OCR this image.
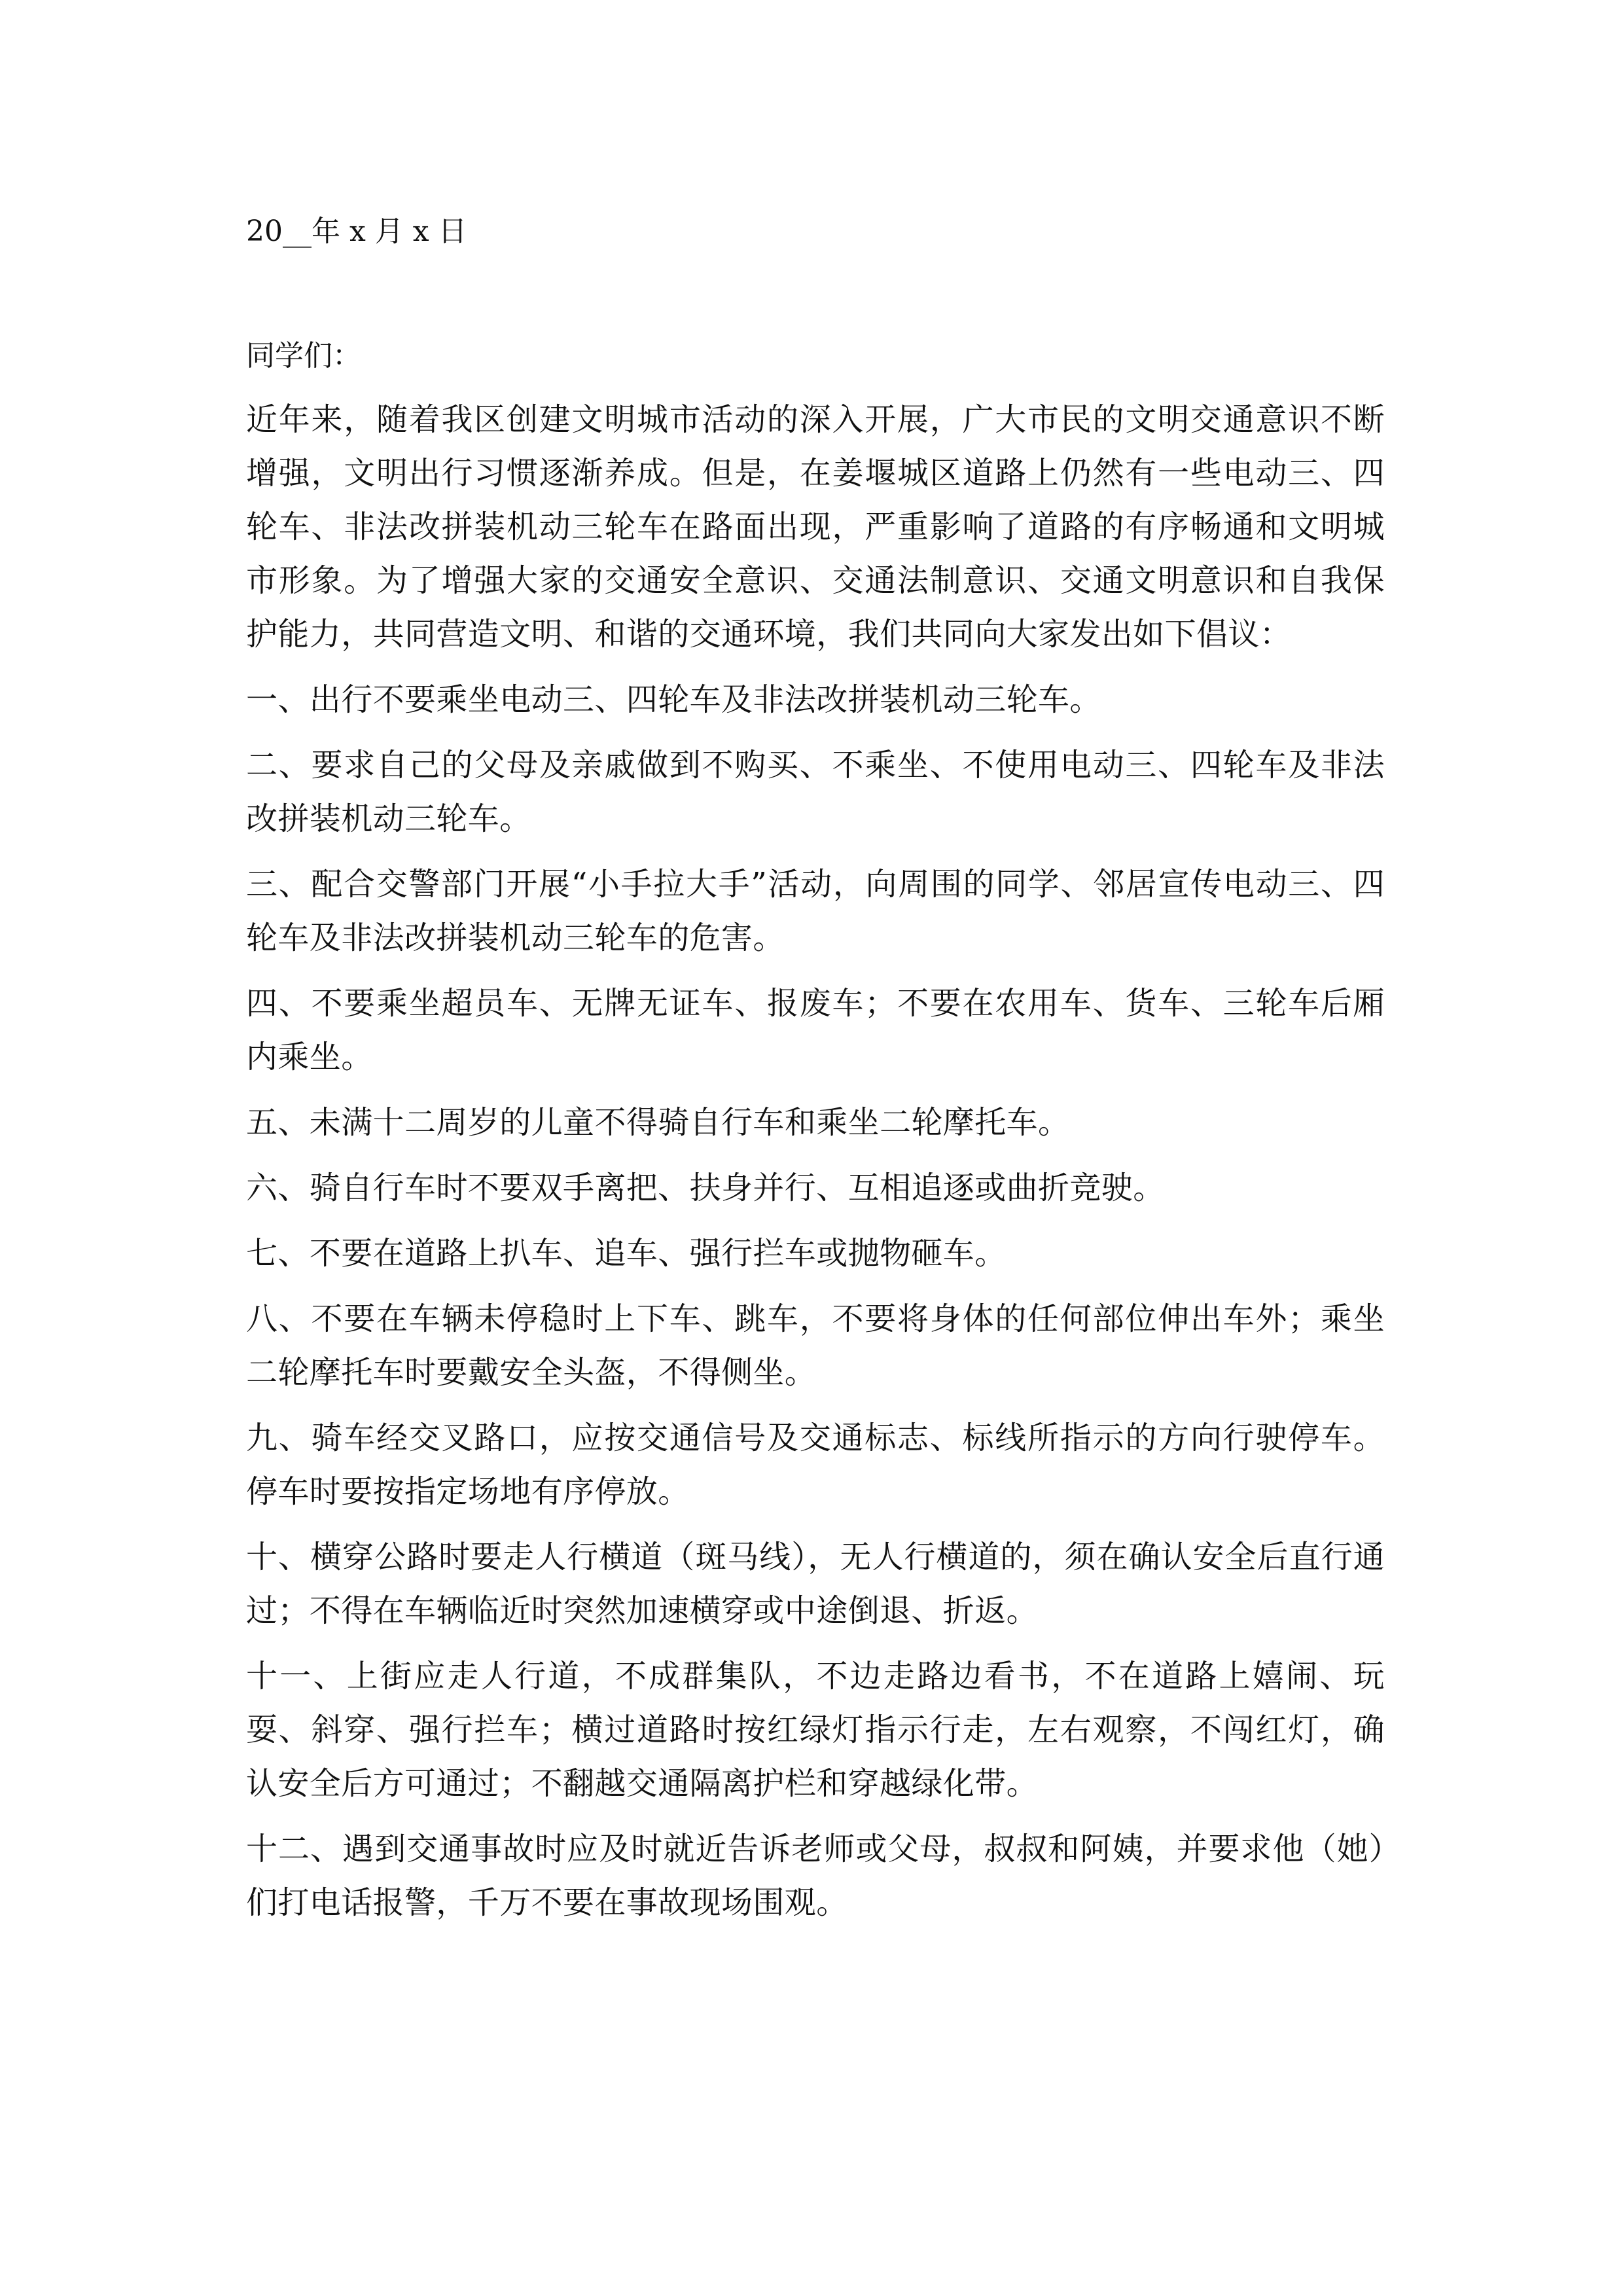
20__年 x 月 x 日
同学们：

近年来，随着我区创建文明城市活动的深入开展，广大市民的文明交通意识不断增强，文明出行习惯逐渐养成。但是，在姜堰城区道路上仍然有一些电动三、四轮车、非法改拼装机动三轮车在路面出现，严重影响了道路的有序畅通和文明城市形象。为了增强大家的交通安全意识、交通法制意识、交通文明意识和自我保护能力，共同营造文明、和谐的交通环境，我们共同向大家发出如下倡议：

一、出行不要乘坐电动三、四轮车及非法改拼装机动三轮车。

二、要求自己的父母及亲戚做到不购买、不乘坐、不使用电动三、四轮车及非法改拼装机动三轮车。

三、配合交警部门开展“小手拉大手”活动，向周围的同学、邻居宣传电动三、四轮车及非法改拼装机动三轮车的危害。

四、不要乘坐超员车、无牌无证车、报废车；不要在农用车、货车、三轮车后厢内乘坐。

五、未满十二周岁的儿童不得骑自行车和乘坐二轮摩托车。

六、骑自行车时不要双手离把、扶身并行、互相追逐或曲折竞驶。

七、不要在道路上扒车、追车、强行拦车或抛物砸车。

八、不要在车辆未停稳时上下车、跳车，不要将身体的任何部位伸出车外；乘坐二轮摩托车时要戴安全头盔，不得侧坐。

九、骑车经交叉路口，应按交通信号及交通标志、标线所指示的方向行驶停车。停车时要按指定场地有序停放。

十、横穿公路时要走人行横道（斑马线），无人行横道的，须在确认安全后直行通过；不得在车辆临近时突然加速横穿或中途倒退、折返。

十一、上街应走人行道，不成群集队，不边走路边看书，不在道路上嬉闹、玩耍、斜穿、强行拦车；横过道路时按红绿灯指示行走，左右观察，不闯红灯，确认安全后方可通过；不翻越交通隔离护栏和穿越绿化带。

十二、遇到交通事故时应及时就近告诉老师或父母，叔叔和阿姨，并要求他（她）们打电话报警，千万不要在事故现场围观。
